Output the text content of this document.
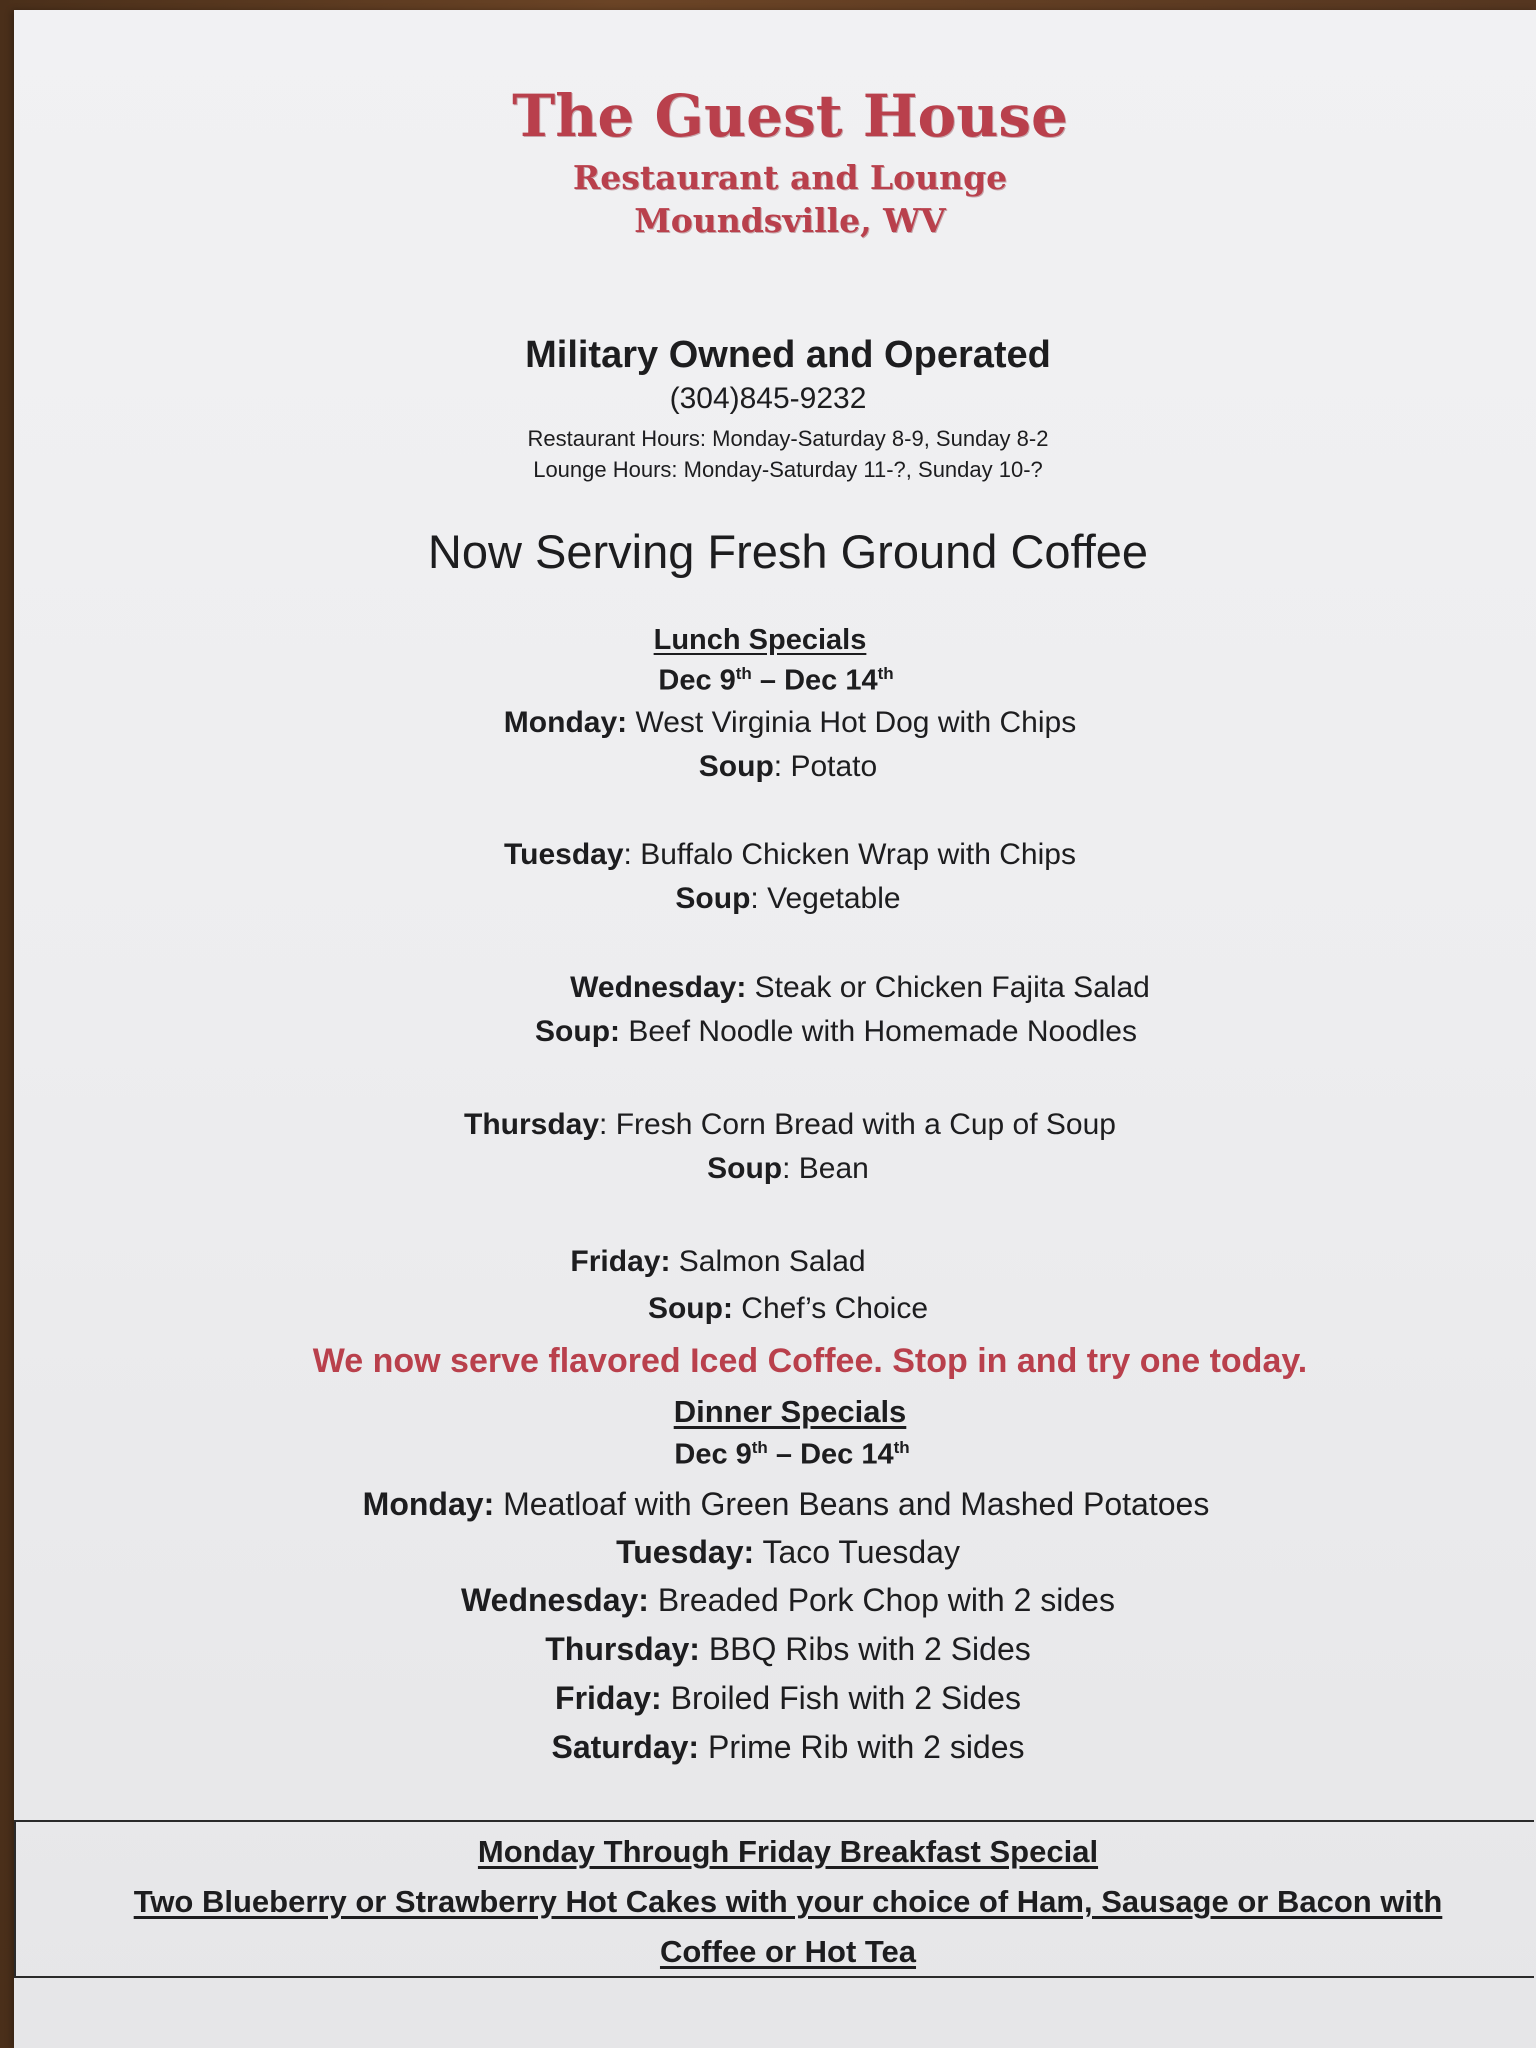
The Guest House
Restaurant and Lounge
Moundsville, WV
Military Owned and Operated
(304)845-9232
Restaurant Hours: Monday-Saturday 8-9, Sunday 8-2
Lounge Hours: Monday-Saturday 11-?, Sunday 10-?
Now Serving Fresh Ground Coffee
Lunch Specials
Dec 9th – Dec 14th
Monday: West Virginia Hot Dog with Chips
Soup: Potato
Tuesday: Buffalo Chicken Wrap with Chips
Soup: Vegetable
Wednesday: Steak or Chicken Fajita Salad
Soup: Beef Noodle with Homemade Noodles
Thursday: Fresh Corn Bread with a Cup of Soup
Soup: Bean
Friday: Salmon Salad
Soup: Chef’s Choice
We now serve flavored Iced Coffee. Stop in and try one today.
Dinner Specials
Dec 9th – Dec 14th
Monday: Meatloaf with Green Beans and Mashed Potatoes
Tuesday: Taco Tuesday
Wednesday: Breaded Pork Chop with 2 sides
Thursday: BBQ Ribs with 2 Sides
Friday: Broiled Fish with 2 Sides
Saturday: Prime Rib with 2 sides
Monday Through Friday Breakfast Special
Two Blueberry or Strawberry Hot Cakes with your choice of Ham, Sausage or Bacon with
Coffee or Hot Tea
